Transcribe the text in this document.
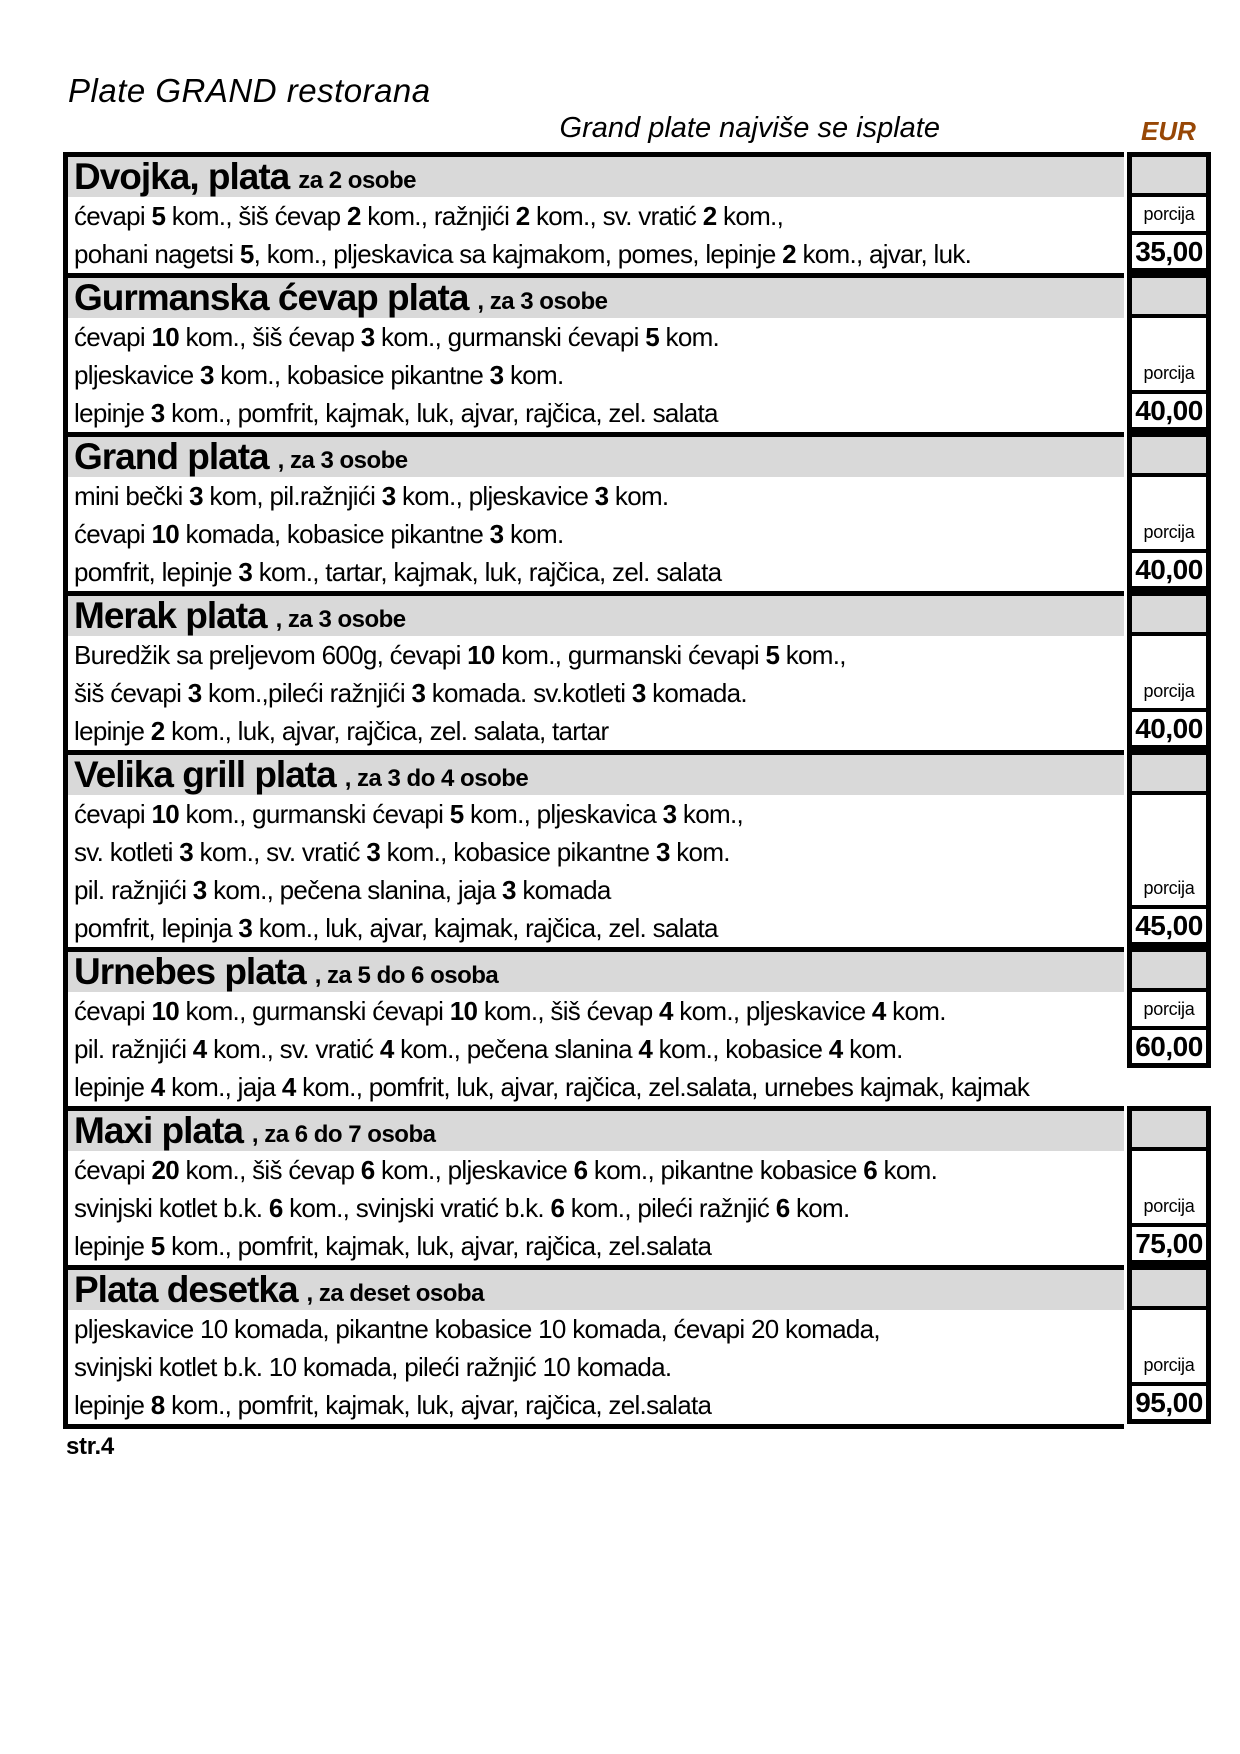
Plate GRAND restorana
Grand plate najviše se isplate	EUR
Dvojka, plata za 2 osobe
ćevapi 5 kom., šiš ćevap 2 kom., ražnjići 2 kom., sv. vratić 2 kom.,
pohani nagetsi 5, kom., pljeskavica sa kajmakom, pomes, lepinje 2 kom., ajvar, luk.
porcija
35,00
Gurmanska ćevap plata , za 3 osobe
ćevapi 10 kom., šiš ćevap 3 kom., gurmanski ćevapi 5 kom.
pljeskavice 3 kom., kobasice pikantne 3 kom.
lepinje 3 kom., pomfrit, kajmak, luk, ajvar, rajčica, zel. salata
porcija
40,00
Grand plata , za 3 osobe
mini bečki 3 kom, pil.ražnjići 3 kom., pljeskavice 3 kom.
ćevapi 10 komada, kobasice pikantne 3 kom.
pomfrit, lepinje 3 kom., tartar, kajmak, luk, rajčica, zel. salata
porcija
40,00
Merak plata , za 3 osobe
Buredžik sa preljevom 600g, ćevapi 10 kom., gurmanski ćevapi 5 kom.,
šiš ćevapi 3 kom.,pileći ražnjići 3 komada. sv.kotleti 3 komada.
lepinje 2 kom., luk, ajvar, rajčica, zel. salata, tartar
porcija
40,00
Velika grill plata , za 3 do 4 osobe
ćevapi 10 kom., gurmanski ćevapi 5 kom., pljeskavica 3 kom.,
sv. kotleti 3 kom., sv. vratić 3 kom., kobasice pikantne 3 kom.
pil. ražnjići 3 kom., pečena slanina, jaja 3 komada
pomfrit, lepinja 3 kom., luk, ajvar, kajmak, rajčica, zel. salata
porcija
45,00
Urnebes plata , za 5 do 6 osoba
ćevapi 10 kom., gurmanski ćevapi 10 kom., šiš ćevap 4 kom., pljeskavice 4 kom.
pil. ražnjići 4 kom., sv. vratić 4 kom., pečena slanina 4 kom., kobasice 4 kom.
lepinje 4 kom., jaja 4 kom., pomfrit, luk, ajvar, rajčica, zel.salata, urnebes kajmak, kajmak
porcija
60,00
Maxi plata , za 6 do 7 osoba
ćevapi 20 kom., šiš ćevap 6 kom., pljeskavice 6 kom., pikantne kobasice 6 kom.
svinjski kotlet b.k. 6 kom., svinjski vratić b.k. 6 kom., pileći ražnjić 6 kom.
lepinje 5 kom., pomfrit, kajmak, luk, ajvar, rajčica, zel.salata
porcija
75,00
Plata desetka , za deset osoba
pljeskavice 10 komada, pikantne kobasice 10 komada, ćevapi 20 komada,
svinjski kotlet b.k. 10 komada, pileći ražnjić 10 komada.
lepinje 8 kom., pomfrit, kajmak, luk, ajvar, rajčica, zel.salata
porcija
95,00
str.4
